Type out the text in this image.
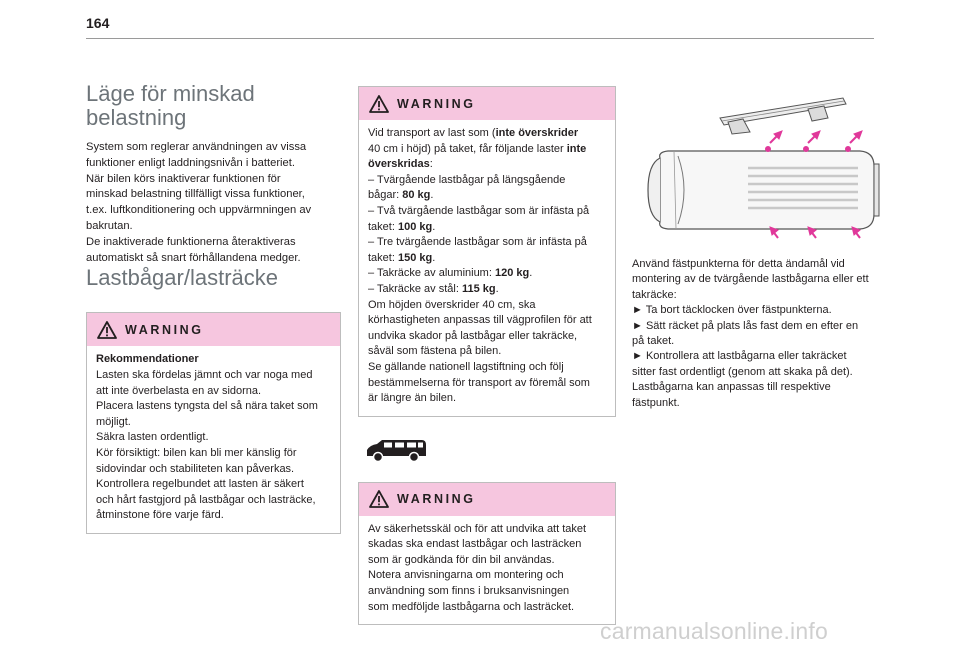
164
Läge för minskad belastning

System som reglerar användningen av vissa
funktioner enligt laddningsnivån i batteriet.
När bilen körs inaktiverar funktionen för
minskad belastning tillfälligt vissa funktioner,
t.ex. luftkonditionering och uppvärmningen av
bakrutan.
De inaktiverade funktionerna återaktiveras
automatiskt så snart förhållandena medger.

Lastbågar/lasträcke
WARNING
Rekommendationer
Lasten ska fördelas jämnt och var noga med
att inte överbelasta en av sidorna.
Placera lastens tyngsta del så nära taket som
möjligt.
Säkra lasten ordentligt.
Kör försiktigt: bilen kan bli mer känslig för
sidovindar och stabiliteten kan påverkas.
Kontrollera regelbundet att lasten är säkert
och hårt fastgjord på lastbågar och lasträcke,
åtminstone före varje färd.
WARNING
Vid transport av last som (inte överskrider
40 cm i höjd) på taket, får följande laster inte
överskridas:
– Tvärgående lastbågar på längsgående
bågar: 80 kg.
– Två tvärgående lastbågar som är infästa på
taket: 100 kg.
– Tre tvärgående lastbågar som är infästa på
taket: 150 kg.
– Takräcke av aluminium: 120 kg.
– Takräcke av stål: 115 kg.
Om höjden överskrider 40 cm, ska
körhastigheten anpassas till vägprofilen för att
undvika skador på lastbågar eller takräcke,
såväl som fästena på bilen.
Se gällande nationell lagstiftning och följ
bestämmelserna för transport av föremål som
är längre än bilen.
WARNING
Av säkerhetsskäl och för att undvika att taket
skadas ska endast lastbågar och lasträcken
som är godkända för din bil användas.
Notera anvisningarna om montering och
användning som finns i bruksanvisningen
som medföljde lastbågarna och lasträcket.

Använd fästpunkterna för detta ändamål vid
montering av de tvärgående lastbågarna eller ett
takräcke:
► Ta bort täcklocken över fästpunkterna.
► Sätt räcket på plats lås fast dem en efter en
på taket.
► Kontrollera att lastbågarna eller takräcket
sitter fast ordentligt (genom att skaka på det).
Lastbågarna kan anpassas till respektive
fästpunkt.

carmanualsonline.info
